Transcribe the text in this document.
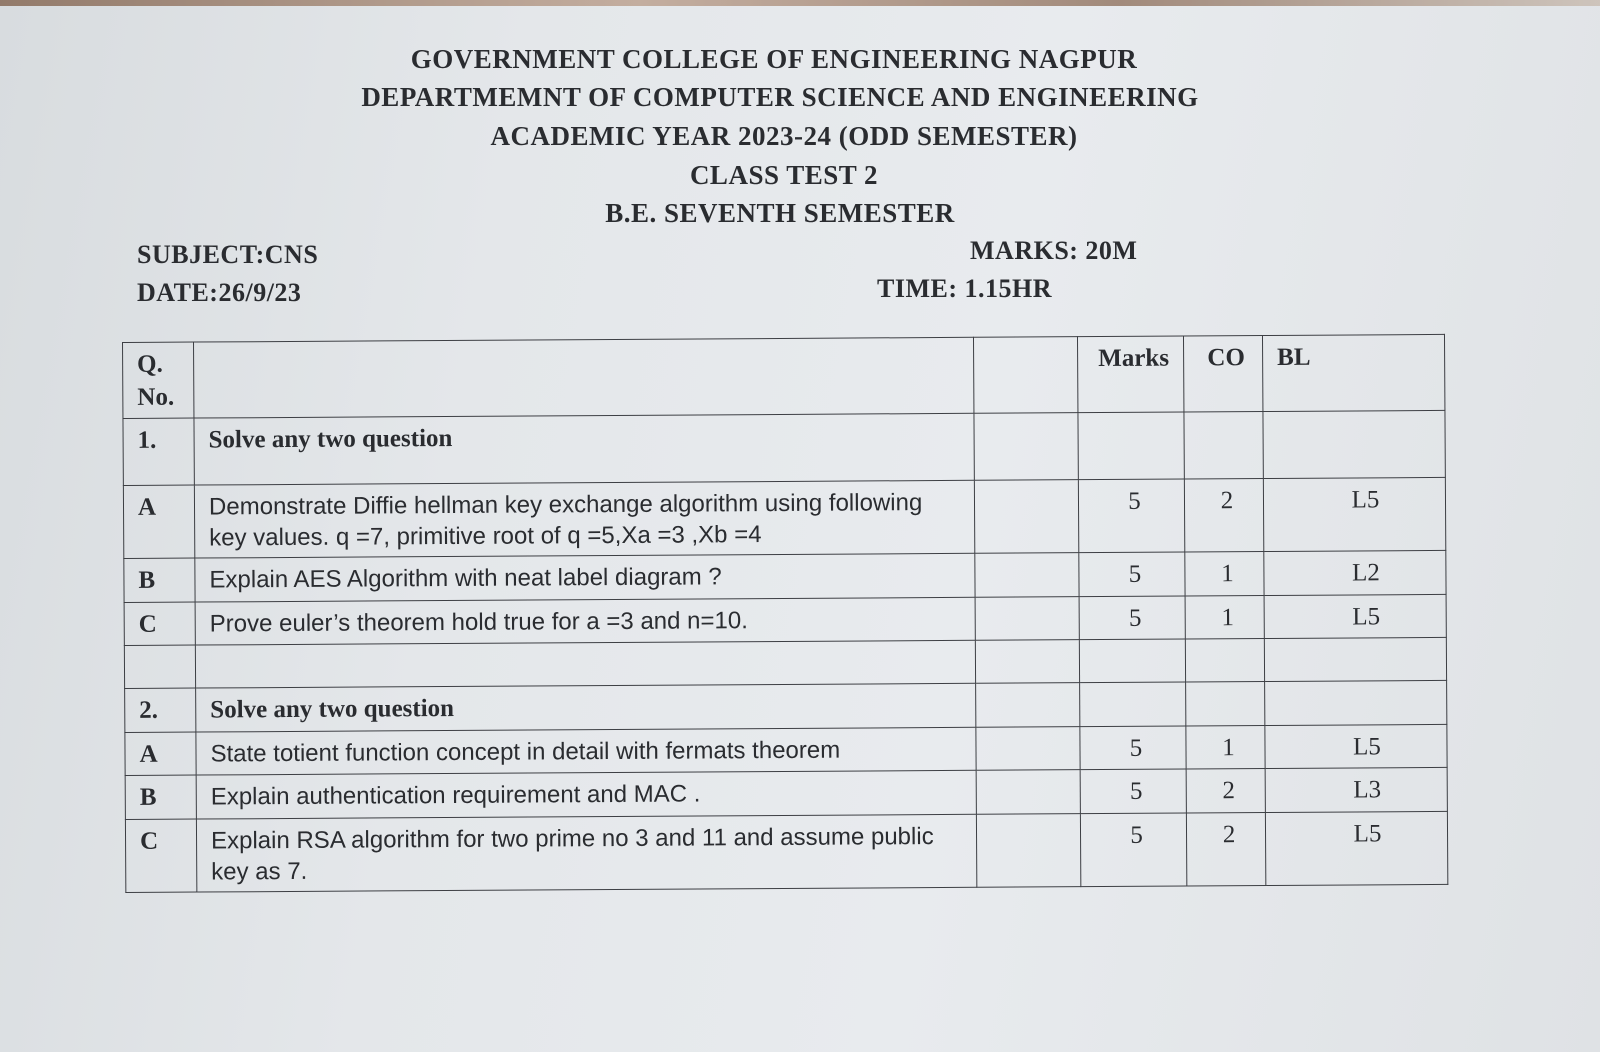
GOVERNMENT COLLEGE OF ENGINEERING NAGPUR
DEPARTMEMNT OF COMPUTER SCIENCE AND ENGINEERING
ACADEMIC YEAR 2023-24 (ODD SEMESTER)
CLASS TEST 2
B.E. SEVENTH SEMESTER
SUBJECT:CNS
DATE:26/9/23
MARKS: 20M
TIME: 1.15HR
Q. No.			Marks	CO	BL
1.	Solve any two question				
A	Demonstrate Diffie hellman key exchange algorithm using following key values. q =7, primitive root of q =5,Xa =3 ,Xb =4		5	2	L5
B	Explain AES Algorithm with neat label diagram ?		5	1	L2
C	Prove euler’s theorem hold true for a =3 and n=10.		5	1	L5

2.	Solve any two question				
A	State totient function concept in detail with fermats theorem		5	1	L5
B	Explain authentication requirement and MAC .		5	2	L3
C	Explain RSA algorithm for two prime no 3 and 11 and assume public key as 7.		5	2	L5
